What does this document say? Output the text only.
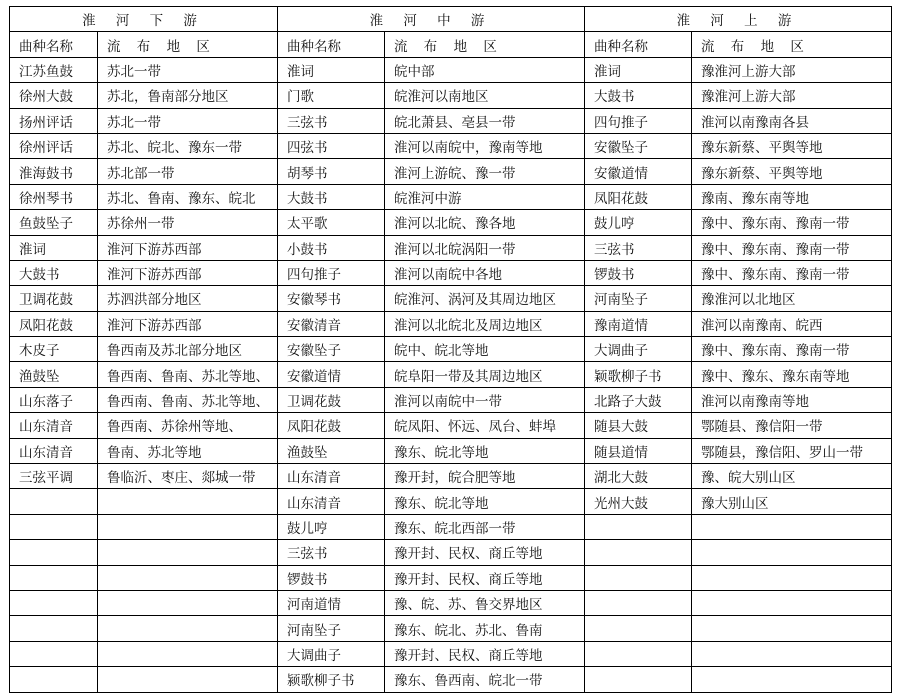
淮 河 下 游		淮 河 中 游		淮 河 上 游	
曲种名称	流 布 地 区	曲种名称	流 布 地 区	曲种名称	流 布 地 区
江苏鱼鼓	苏北一带	淮词	皖中部	淮词	豫淮河上游大部
徐州大鼓	苏北，鲁南部分地区	门歌	皖淮河以南地区	大鼓书	豫淮河上游大部
扬州评话	苏北一带	三弦书	皖北萧县、亳县一带	四句推子	淮河以南豫南各县
徐州评话	苏北、皖北、豫东一带	四弦书	淮河以南皖中，豫南等地	安徽坠子	豫东新蔡、平舆等地
淮海鼓书	苏北部一带	胡琴书	淮河上游皖、豫一带	安徽道情	豫东新蔡、平舆等地
徐州琴书	苏北、鲁南、豫东、皖北	大鼓书	皖淮河中游	凤阳花鼓	豫南、豫东南等地
鱼鼓坠子	苏徐州一带	太平歌	淮河以北皖、豫各地	鼓儿哼	豫中、豫东南、豫南一带
淮词	淮河下游苏西部	小鼓书	淮河以北皖涡阳一带	三弦书	豫中、豫东南、豫南一带
大鼓书	淮河下游苏西部	四句推子	淮河以南皖中各地	锣鼓书	豫中、豫东南、豫南一带
卫调花鼓	苏泗洪部分地区	安徽琴书	皖淮河、涡河及其周边地区	河南坠子	豫淮河以北地区
凤阳花鼓	淮河下游苏西部	安徽清音	淮河以北皖北及周边地区	豫南道情	淮河以南豫南、皖西
木皮子	鲁西南及苏北部分地区	安徽坠子	皖中、皖北等地	大调曲子	豫中、豫东南、豫南一带
渔鼓坠	鲁西南、鲁南、苏北等地、	安徽道情	皖阜阳一带及其周边地区	颖歌柳子书	豫中、豫东、豫东南等地
山东落子	鲁西南、鲁南、苏北等地、	卫调花鼓	淮河以南皖中一带	北路子大鼓	淮河以南豫南等地
山东清音	鲁西南、苏徐州等地、	凤阳花鼓	皖凤阳、怀远、凤台、蚌埠	随县大鼓	鄂随县、豫信阳一带
山东清音	鲁南、苏北等地	渔鼓坠	豫东、皖北等地	随县道情	鄂随县，豫信阳、罗山一带
三弦平调	鲁临沂、枣庄、郯城一带	山东清音	豫开封，皖合肥等地	湖北大鼓	豫、皖大别山区
		山东清音	豫东、皖北等地	光州大鼓	豫大别山区
		鼓儿哼	豫东、皖北西部一带		
		三弦书	豫开封、民权、商丘等地		
		锣鼓书	豫开封、民权、商丘等地		
		河南道情	豫、皖、苏、鲁交界地区		
		河南坠子	豫东、皖北、苏北、鲁南		
		大调曲子	豫开封、民权、商丘等地		
		颍歌柳子书	豫东、鲁西南、皖北一带		
